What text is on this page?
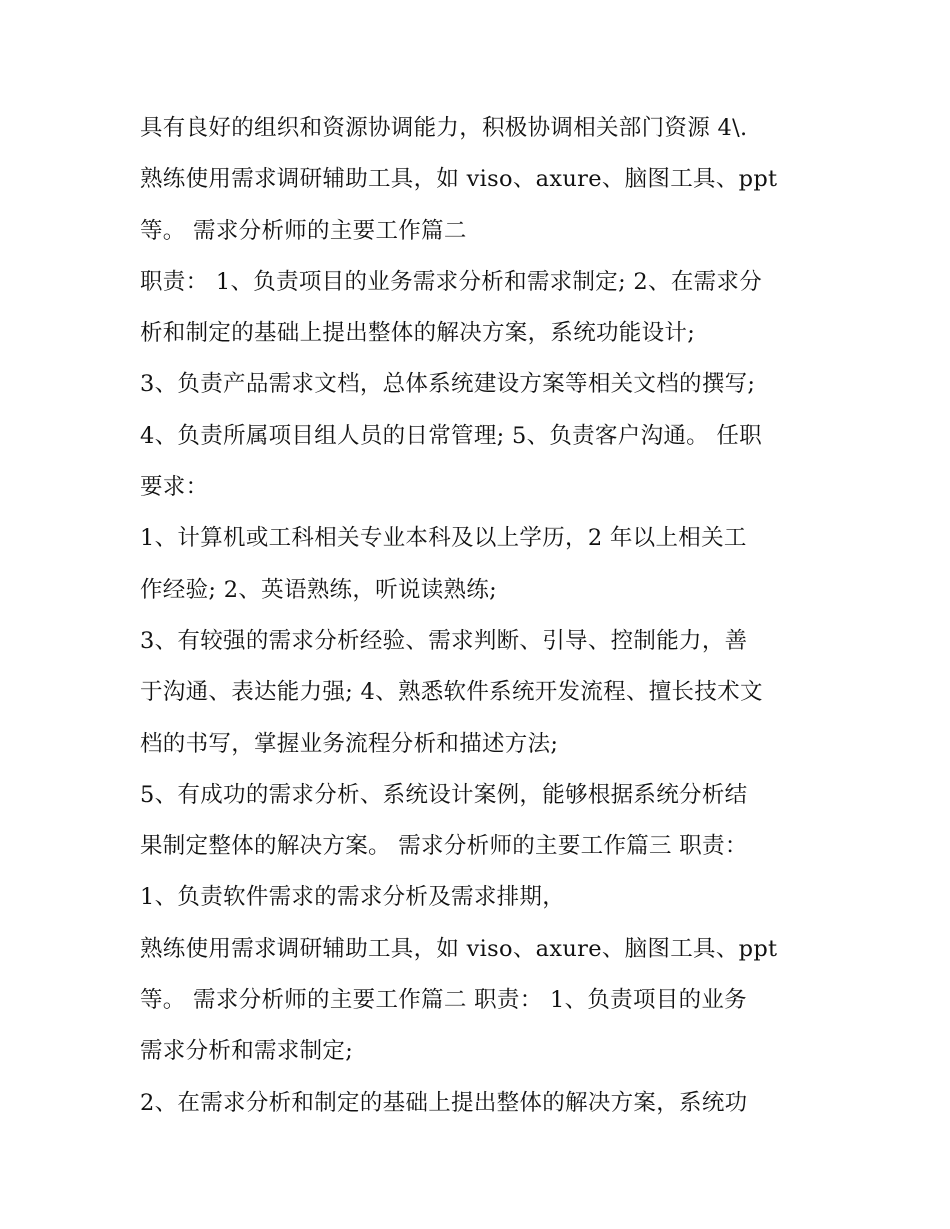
具有良好的组织和资源协调能力，积极协调相关部门资源 4\.
熟练使用需求调研辅助工具，如 viso、axure、脑图工具、ppt
等。 需求分析师的主要工作篇二
职责： 1、负责项目的业务需求分析和需求制定; 2、在需求分
析和制定的基础上提出整体的解决方案，系统功能设计;
3、负责产品需求文档，总体系统建设方案等相关文档的撰写;
4、负责所属项目组人员的日常管理; 5、负责客户沟通。 任职
要求：
1、计算机或工科相关专业本科及以上学历，2 年以上相关工
作经验; 2、英语熟练，听说读熟练;
3、有较强的需求分析经验、需求判断、引导、控制能力，善
于沟通、表达能力强; 4、熟悉软件系统开发流程、擅长技术文
档的书写，掌握业务流程分析和描述方法;
5、有成功的需求分析、系统设计案例，能够根据系统分析结
果制定整体的解决方案。 需求分析师的主要工作篇三 职责：
1、负责软件需求的需求分析及需求排期，
熟练使用需求调研辅助工具，如 viso、axure、脑图工具、ppt
等。 需求分析师的主要工作篇二 职责： 1、负责项目的业务
需求分析和需求制定;
2、在需求分析和制定的基础上提出整体的解决方案，系统功
